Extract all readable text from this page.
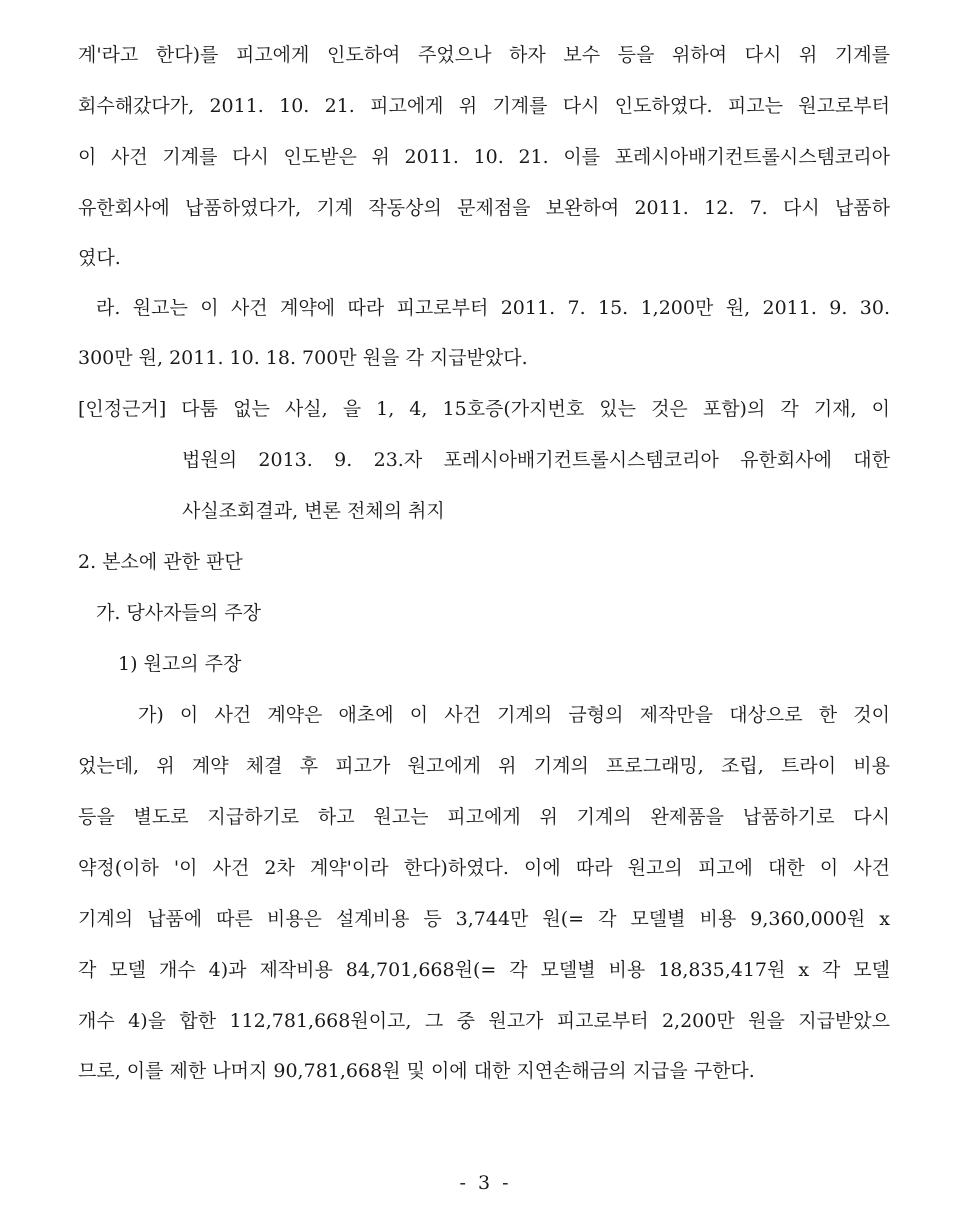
계'라고 한다)를 피고에게 인도하여 주었으나 하자 보수 등을 위하여 다시 위 기계를
회수해갔다가, 2011. 10. 21. 피고에게 위 기계를 다시 인도하였다. 피고는 원고로부터
이 사건 기계를 다시 인도받은 위 2011. 10. 21. 이를 포레시아배기컨트롤시스템코리아
유한회사에 납품하였다가, 기계 작동상의 문제점을 보완하여 2011. 12. 7. 다시 납품하
였다.
라. 원고는 이 사건 계약에 따라 피고로부터 2011. 7. 15. 1,200만 원, 2011. 9. 30.
300만 원, 2011. 10. 18. 700만 원을 각 지급받았다.
[인정근거] 다툼 없는 사실, 을 1, 4, 15호증(가지번호 있는 것은 포함)의 각 기재, 이
법원의 2013. 9. 23.자 포레시아배기컨트롤시스템코리아 유한회사에 대한
사실조회결과, 변론 전체의 취지
2. 본소에 관한 판단
가. 당사자들의 주장
1) 원고의 주장
가) 이 사건 계약은 애초에 이 사건 기계의 금형의 제작만을 대상으로 한 것이
었는데, 위 계약 체결 후 피고가 원고에게 위 기계의 프로그래밍, 조립, 트라이 비용
등을 별도로 지급하기로 하고 원고는 피고에게 위 기계의 완제품을 납품하기로 다시
약정(이하 '이 사건 2차 계약'이라 한다)하였다. 이에 따라 원고의 피고에 대한 이 사건
기계의 납품에 따른 비용은 설계비용 등 3,744만 원(= 각 모델별 비용 9,360,000원 x
각 모델 개수 4)과 제작비용 84,701,668원(= 각 모델별 비용 18,835,417원 x 각 모델
개수 4)을 합한 112,781,668원이고, 그 중 원고가 피고로부터 2,200만 원을 지급받았으
므로, 이를 제한 나머지 90,781,668원 및 이에 대한 지연손해금의 지급을 구한다.
- 3 -
